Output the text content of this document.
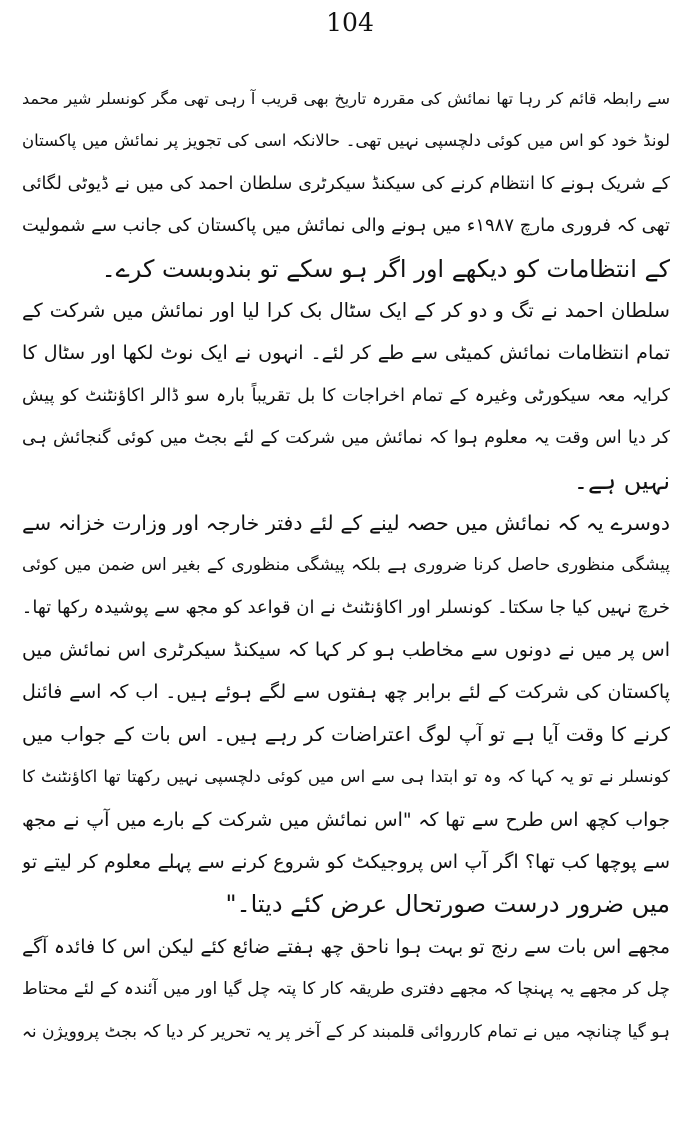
104
سے رابطہ قائم کر رہا تھا نمائش کی مقررہ تاریخ بھی قریب آ رہی تھی مگر کونسلر شیر محمد
لونڈ خود کو اس میں کوئی دلچسپی نہیں تھی۔ حالانکہ اسی کی تجویز پر نمائش میں پاکستان
کے شریک ہونے کا انتظام کرنے کی سیکنڈ سیکرٹری سلطان احمد کی میں نے ڈیوٹی لگائی
تھی کہ فروری مارچ ۱۹۸۷ء میں ہونے والی نمائش میں پاکستان کی جانب سے شمولیت
کے انتظامات کو دیکھے اور اگر ہو سکے تو بندوبست کرے۔
سلطان احمد نے تگ و دو کر کے ایک سٹال بک کرا لیا اور نمائش میں شرکت کے
تمام انتظامات نمائش کمیٹی سے طے کر لئے۔ انہوں نے ایک نوٹ لکھا اور سٹال کا
کرایہ معہ سیکورٹی وغیرہ کے تمام اخراجات کا بل تقریباً بارہ سو ڈالر اکاؤنٹنٹ کو پیش
کر دیا اس وقت یہ معلوم ہوا کہ نمائش میں شرکت کے لئے بجٹ میں کوئی گنجائش ہی
نہیں ہے۔
دوسرے یہ کہ نمائش میں حصہ لینے کے لئے دفتر خارجہ اور وزارت خزانہ سے
پیشگی منظوری حاصل کرنا ضروری ہے بلکہ پیشگی منظوری کے بغیر اس ضمن میں کوئی
خرچ نہیں کیا جا سکتا۔ کونسلر اور اکاؤنٹنٹ نے ان قواعد کو مجھ سے پوشیدہ رکھا تھا۔
اس پر میں نے دونوں سے مخاطب ہو کر کہا کہ سیکنڈ سیکرٹری اس نمائش میں
پاکستان کی شرکت کے لئے برابر چھ ہفتوں سے لگے ہوئے ہیں۔ اب کہ اسے فائنل
کرنے کا وقت آیا ہے تو آپ لوگ اعتراضات کر رہے ہیں۔ اس بات کے جواب میں
کونسلر نے تو یہ کہا کہ وہ تو ابتدا ہی سے اس میں کوئی دلچسپی نہیں رکھتا تھا اکاؤنٹنٹ کا
جواب کچھ اس طرح سے تھا کہ "اس نمائش میں شرکت کے بارے میں آپ نے مجھ
سے پوچھا کب تھا؟ اگر آپ اس پروجیکٹ کو شروع کرنے سے پہلے معلوم کر لیتے تو
میں ضرور درست صورتحال عرض کئے دیتا۔"
مجھے اس بات سے رنج تو بہت ہوا ناحق چھ ہفتے ضائع کئے لیکن اس کا فائدہ آگے
چل کر مجھے یہ پہنچا کہ مجھے دفتری طریقہ کار کا پتہ چل گیا اور میں آئندہ کے لئے محتاط
ہو گیا چنانچہ میں نے تمام کارروائی قلمبند کر کے آخر پر یہ تحریر کر دیا کہ بجٹ پروویژن نہ
